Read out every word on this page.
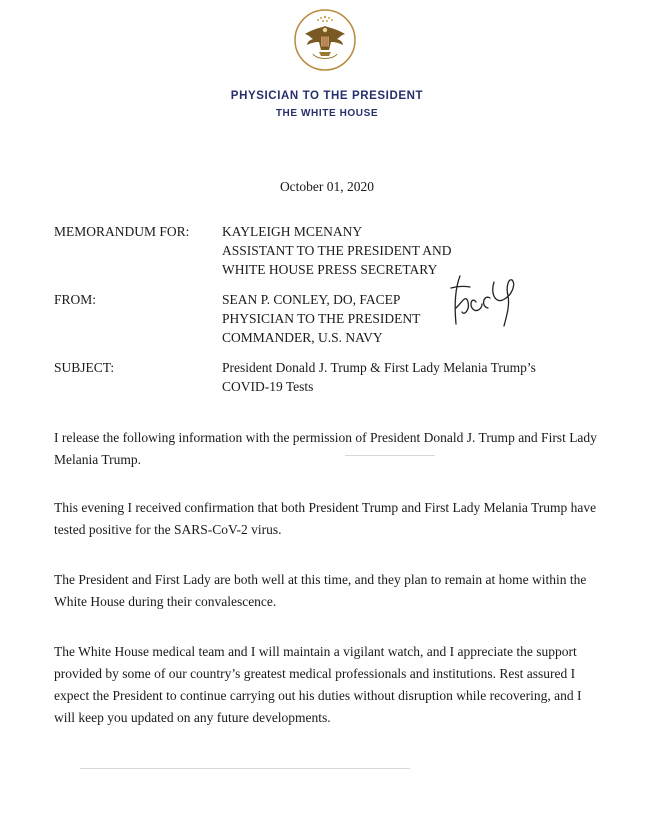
PHYSICIAN TO THE PRESIDENT
THE WHITE HOUSE
October 01, 2020
MEMORANDUM FOR:	KAYLEIGH MCENANY
ASSISTANT TO THE PRESIDENT AND
WHITE HOUSE PRESS SECRETARY
FROM:	SEAN P. CONLEY, DO, FACEP
PHYSICIAN TO THE PRESIDENT
COMMANDER, U.S. NAVY
SUBJECT:	President Donald J. Trump & First Lady Melania Trump’s
COVID-19 Tests
I release the following information with the permission of President Donald J. Trump and First Lady Melania Trump.
This evening I received confirmation that both President Trump and First Lady Melania Trump have tested positive for the SARS-CoV-2 virus.
The President and First Lady are both well at this time, and they plan to remain at home within the White House during their convalescence.
The White House medical team and I will maintain a vigilant watch, and I appreciate the support provided by some of our country’s greatest medical professionals and institutions. Rest assured I expect the President to continue carrying out his duties without disruption while recovering, and I will keep you updated on any future developments.
